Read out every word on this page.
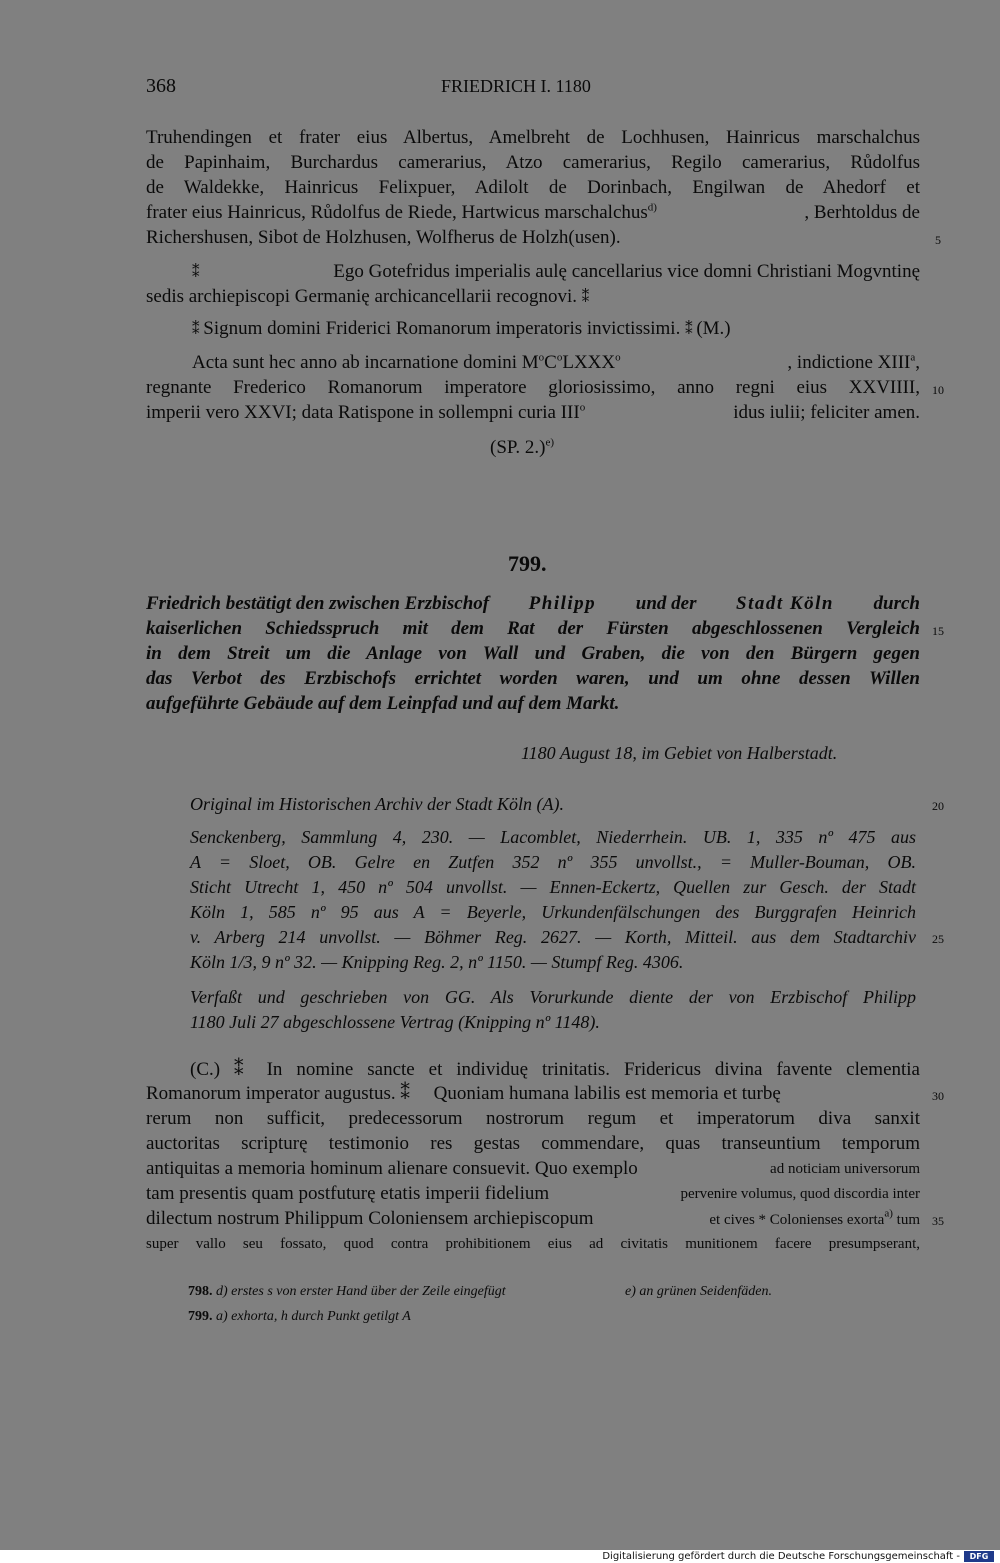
368	FRIEDRICH I. 1180
Truhendingen et frater eius Albertus, Amelbreht de Lochhusen, Hainricus marschalchus
de Papinhaim, Burchardus camerarius, Atzo camerarius, Regilo camerarius, Růdolfus
de Waldekke, Hainricus Felixpuer, Adilolt de Dorinbach, Engilwan de Ahedorf et
frater eius Hainricus, Růdolfus de Riede, Hartwicus marschalchus$^{d)}$	, Berhtoldus de
Richershusen, Sibot de Holzhusen, Wolfherus de Holzh(usen).
⁑	Ego Gotefridus imperialis aulę cancellarius vice domni Christiani Mogvntinę
sedis archiepiscopi Germanię archicancellarii recognovi. ⁑
⁑ Signum domini Friderici Romanorum imperatoris invictissimi. ⁑ (M.)
Acta sunt hec anno ab incarnatione domini $M^oC^oLXXX^o$	, indictione XIII$^a$,
regnante Frederico Romanorum imperatore gloriosissimo, anno regni eius XXVIIII,
imperii vero XXVI; data Ratispone in sollempni curia III$^o$	idus iulii; feliciter amen.
(SP. 2.)$^{e)}$
799.
Friedrich bestätigt den zwischen Erzbischof Philipp und der Stadt Köln durch
kaiserlichen Schiedsspruch mit dem Rat der Fürsten abgeschlossenen Vergleich
in dem Streit um die Anlage von Wall und Graben, die von den Bürgern gegen
das Verbot des Erzbischofs errichtet worden waren, und um ohne dessen Willen
aufgeführte Gebäude auf dem Leinpfad und auf dem Markt.
1180 August 18, im Gebiet von Halberstadt.
Original im Historischen Archiv der Stadt Köln (A).
Senckenberg, Sammlung 4, 230. — Lacomblet, Niederrhein. UB. 1, 335 nº 475 aus
A = Sloet, OB. Gelre en Zutfen 352 nº 355 unvollst., = Muller-Bouman, OB.
Sticht Utrecht 1, 450 nº 504 unvollst. — Ennen-Eckertz, Quellen zur Gesch. der Stadt
Köln 1, 585 nº 95 aus A = Beyerle, Urkundenfälschungen des Burggrafen Heinrich
v. Arberg 214 unvollst. — Böhmer Reg. 2627. — Korth, Mitteil. aus dem Stadtarchiv
Köln 1/3, 9 nº 32. — Knipping Reg. 2, nº 1150. — Stumpf Reg. 4306.
Verfaßt und geschrieben von GG. Als Vorurkunde diente der von Erzbischof Philipp
1180 Juli 27 abgeschlossene Vertrag (Knipping nº 1148).
(C.) ⁑ In nomine sancte et individuę trinitatis. Fridericus divina favente clementia
Romanorum imperator augustus. ⁑     Quoniam humana labilis est memoria et turbę
rerum non sufficit, predecessorum nostrorum regum et imperatorum diva sanxit
auctoritas scripturę testimonio res gestas commendare, quas transeuntium temporum
antiquitas a memoria hominum alienare consuevit. Quo exemplo	ad noticiam universorum
tam presentis quam postfuturę etatis imperii fidelium	pervenire volumus, quod discordia inter
dilectum nostrum Philippum Coloniensem archiepiscopum	et cives * Colonienses exorta$^{a)}$ tum
super vallo seu fossato, quod contra prohibitionem eius ad civitatis munitionem facere presumpserant,
5
10
15
20
25
30
35
798. d) erstes s von erster Hand über der Zeile eingefügt	e) an grünen Seidenfäden.
799. a) exhorta, h durch Punkt getilgt A
Digitalisierung gefördert durch die Deutsche Forschungsgemeinschaft -	DFG
